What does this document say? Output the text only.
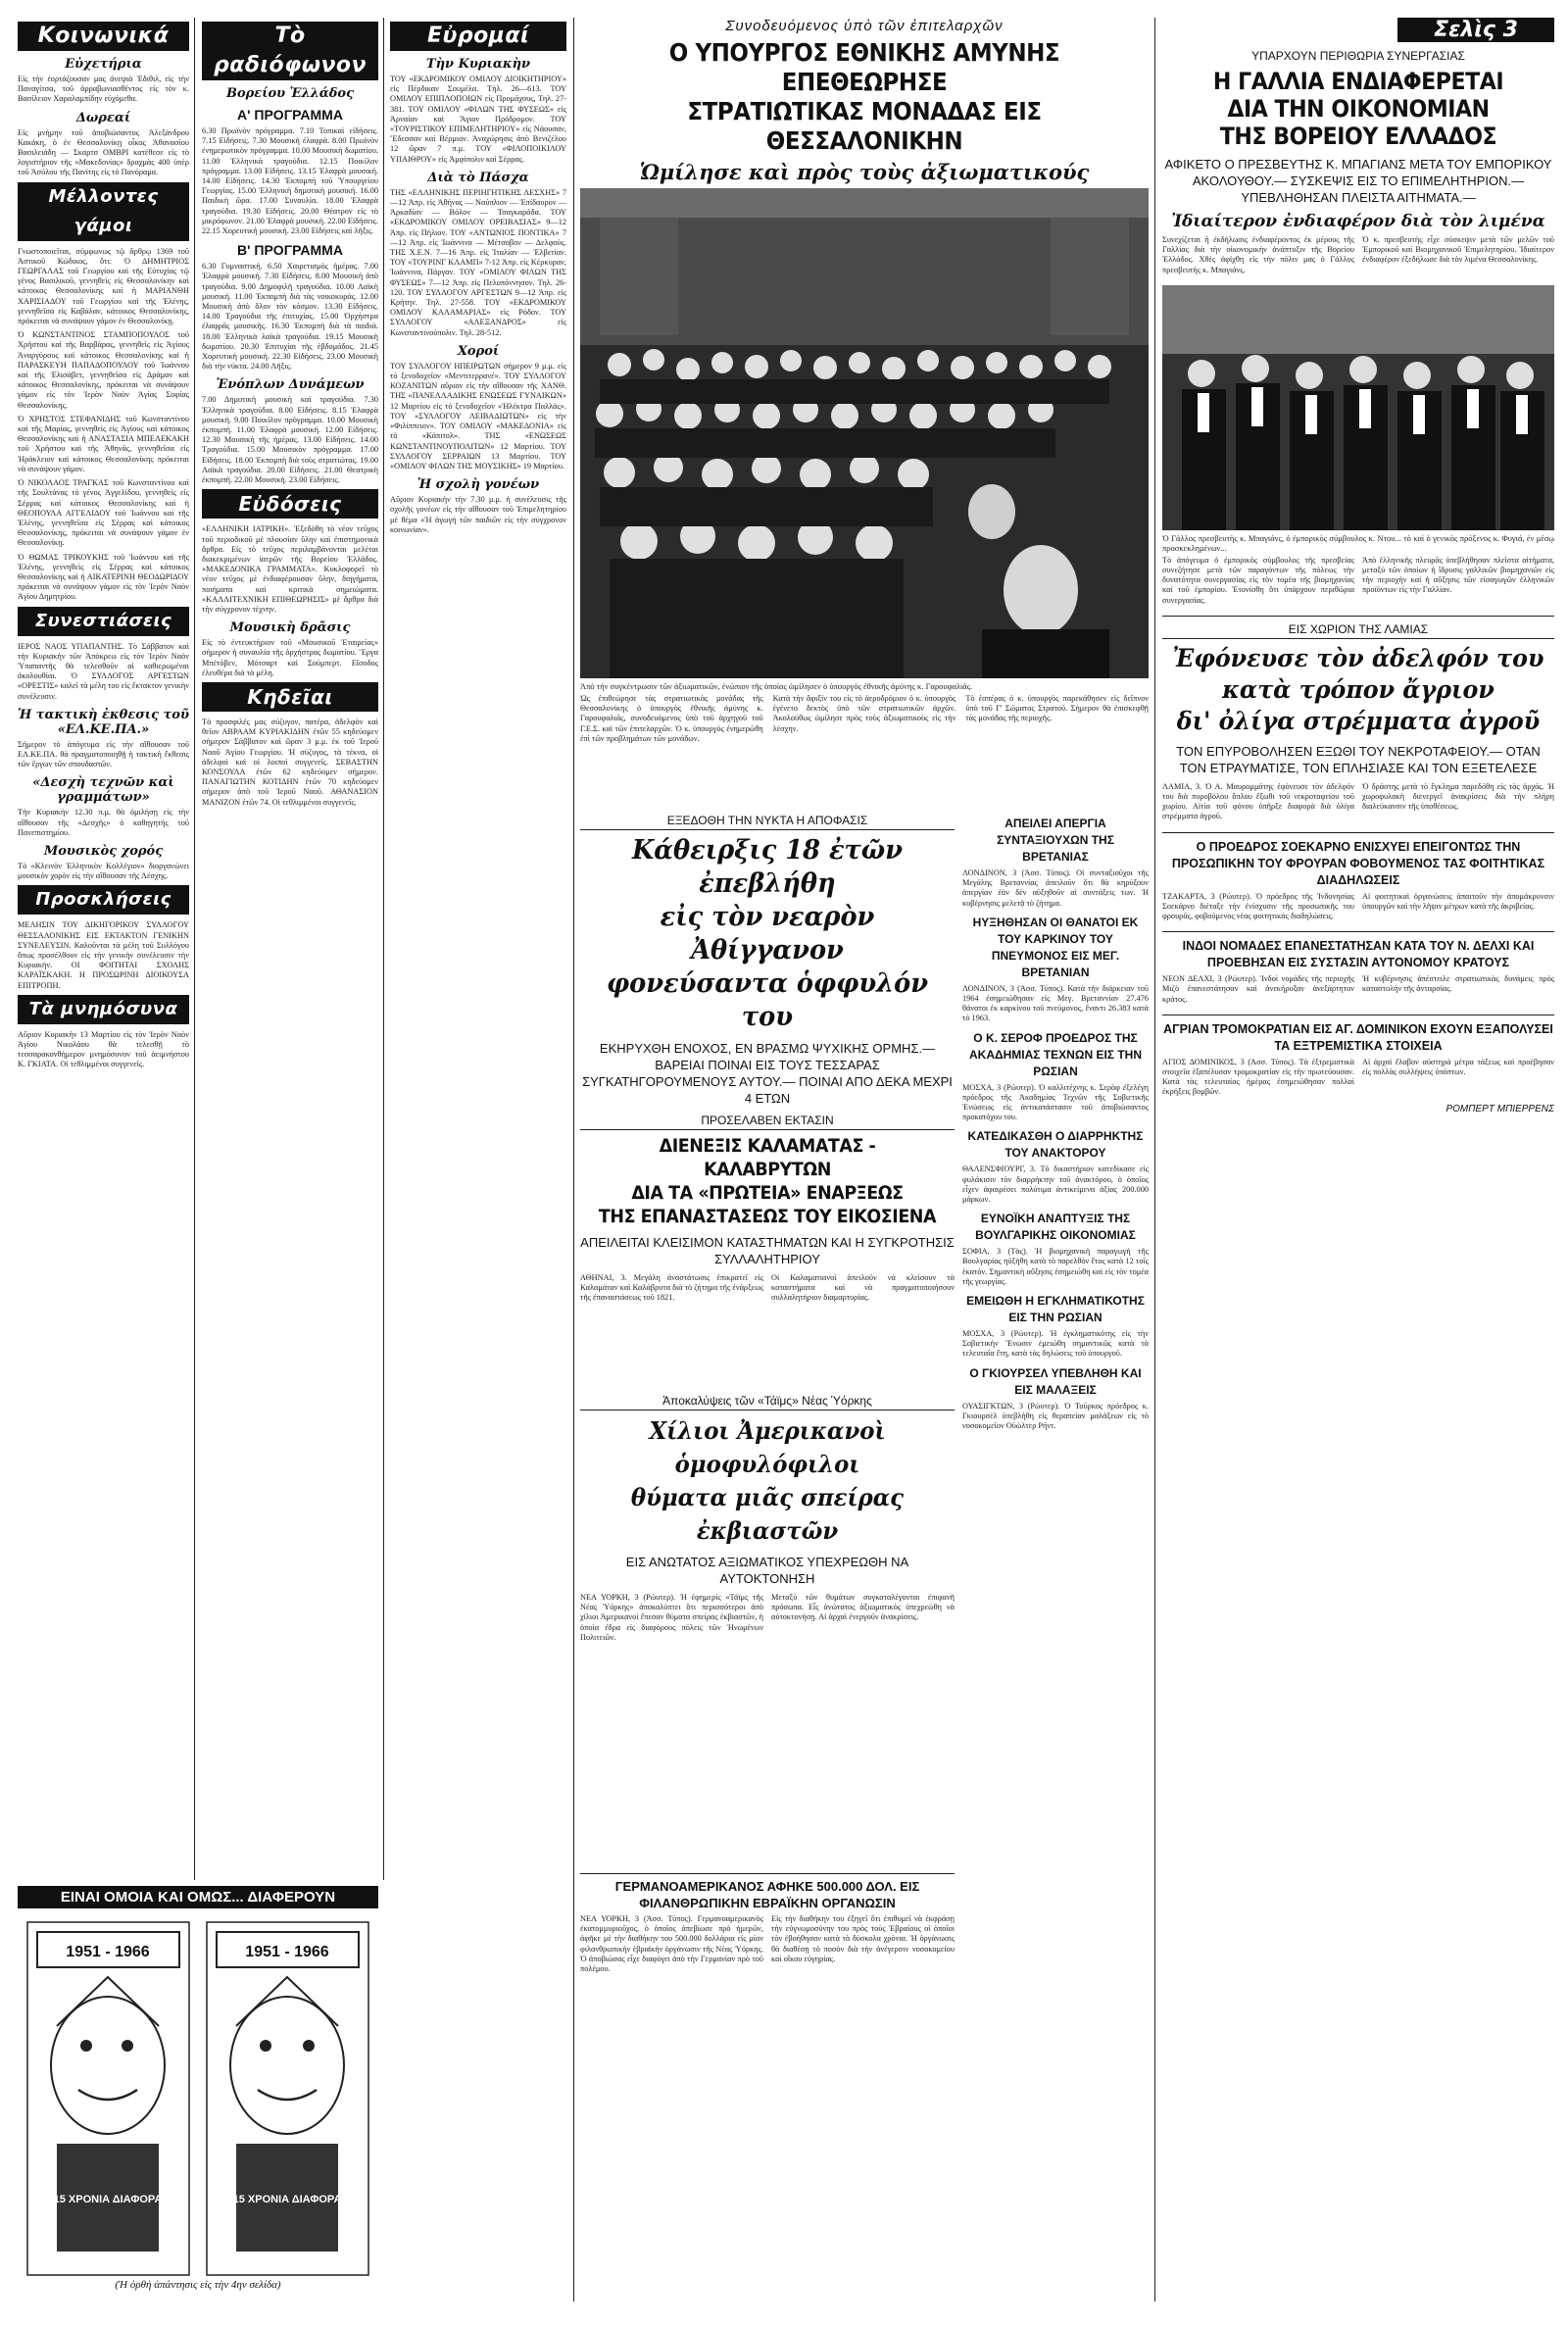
Κοινωνικά
Εὐχετήρια

Εἰς τὴν ἑορτάζουσαν μας ἀνεψιὰ Ἐδιθιλ, εἰς τὴν Παναγίτσα, τοῦ ἀρραβωνιασθέντος εἰς τὸν κ. Βασίλειον Χαραλαμπίδην εὐχόμεθα.

Δωρεαί

Εἰς μνήμην τοῦ ἀποβιώσαντος Ἀλεξάνδρου Κακάκη, ὁ ἐν Θεσσαλονίκῃ οἶκος Ἀθανασίου Βασιλειάδη — Σκαρτσ ΟΜΒΡΙ κατέθεσε εἰς τὸ λογιστήριον τῆς «Μακεδονίας» δραχμὰς 400 ὑπὲρ τοῦ Ἀσύλου τῆς Πανίτης εἰς τὸ Πανόραμα.

Μέλλοντες γάμοι

Γνωστοποιεῖται, σύμφωνως τῷ ἄρθρῳ 1369 τοῦ Ἀστικοῦ Κώδικος, ὅτι: Ὁ ΔΗΜΗΤΡΙΟΣ ΓΕΩΡΓΑΛΑΣ τοῦ Γεωργίου καὶ τῆς Εὐτυχίας τῷ γένος Βασιλικοῦ, γεννηθεὶς εἰς Θεσσαλονίκην καὶ κάτοικος Θεσσαλονίκης καὶ ἡ ΜΑΡΙΑΝΘΗ ΧΑΡΙΣΙΑΔΟΥ τοῦ Γεωργίου καὶ τῆς Ἑλένης, γεννηθεῖσα εἰς Καβάλαν, κάτοικος Θεσσαλονίκης, πρόκειται νὰ συνάψουν γάμον ἐν Θεσσαλονίκῃ.

Ὁ ΚΩΝΣΤΑΝΤΙΝΟΣ ΣΤΑΜΠΟΠΟΥΛΟΣ τοῦ Χρήστου καὶ τῆς Βαρβάρας, γεννηθεὶς εἰς Ἀγίους Ἀναργύρους καὶ κάτοικος Θεσσαλονίκης καὶ ἡ ΠΑΡΑΣΚΕΥΗ ΠΑΠΑΔΟΠΟΥΛΟΥ τοῦ Ἰωάννου καὶ τῆς Ἐλισάβετ, γεννηθεῖσα εἰς Δράμαν καὶ κάτοικος Θεσσαλονίκης, πρόκειται νὰ συνάψουν γάμον εἰς τὸν Ἱερὸν Ναὸν Ἁγίας Σοφίας Θεσσαλονίκης.

Ὁ ΧΡΗΣΤΟΣ ΣΤΕΦΑΝΙΔΗΣ τοῦ Κωνσταντίνου καὶ τῆς Μαρίας, γεννηθεὶς εἰς Ἀγίους καὶ κάτοικος Θεσσαλονίκης καὶ ἡ ΑΝΑΣΤΑΣΙΑ ΜΠΕΛΕΚΑΚΗ τοῦ Χρήστου καὶ τῆς Ἀθηνᾶς, γεννηθεῖσα εἰς Ἡράκλειον καὶ κάτοικος Θεσσαλονίκης πρόκειται νὰ συνάψουν γάμον.

Ὁ ΝΙΚΟΛΑΟΣ ΤΡΑΓΚΑΣ τοῦ Κωνσταντίνου καὶ τῆς Σουλτάνας τὸ γένος Ἀγγελίδου, γεννηθεὶς εἰς Σέρρας καὶ κάτοικος Θεσσαλονίκης καὶ ἡ ΘΕΟΠΟΥΛΑ ΑΓΓΕΛΙΔΟΥ τοῦ Ἰωάννου καὶ τῆς Ἑλένης, γεννηθεῖσα εἰς Σέρρας καὶ κάτοικος Θεσσαλονίκης, πρόκειται νὰ συνάψουν γάμον ἐν Θεσσαλονίκῃ.

Ὁ ΘΩΜΑΣ ΤΡΙΚΟΥΚΗΣ τοῦ Ἰωάννου καὶ τῆς Ἑλένης, γεννηθεὶς εἰς Σέρρας καὶ κάτοικος Θεσσαλονίκης καὶ ἡ ΑΙΚΑΤΕΡΙΝΗ ΘΕΟΔΩΡΙΔΟΥ πρόκειται νὰ συνάψουν γάμον εἰς τὸν Ἱερὸν Ναὸν Ἁγίου Δημητρίου.

Συνεστιάσεις

ΙΕΡΟΣ ΝΑΟΣ ΥΠΑΠΑΝΤΗΣ. Τὸ Σάββατον καὶ τὴν Κυριακὴν τῶν Ἀπόκρεω εἰς τὸν Ἱερὸν Ναὸν Ὑπαπαντῆς θὰ τελεσθοῦν αἱ καθιερωμέναι ἀκολουθίαι. Ὁ ΣΥΛΛΟΓΟΣ ΑΡΓΕΣΤΩΝ «ΟΡΕΣΤΙΣ» καλεῖ τὰ μέλη του εἰς ἔκτακτον γενικὴν συνέλευσιν.

Ἡ τακτικὴ ἐκθεσις τοῦ «ΕΛ.ΚΕ.ΠΑ.»

Σήμερον τὸ ἀπόγευμα εἰς τὴν αἴθουσαν τοῦ ΕΛ.ΚΕ.ΠΑ. θὰ πραγματοποιηθῇ ἡ τακτικὴ ἔκθεσις τῶν ἔργων τῶν σπουδαστῶν.

«Δεσχὴ τεχνῶν καὶ γραμμάτων»

Τὴν Κυριακὴν 12.30 π.μ. θὰ ὁμιλήσῃ εἰς τὴν αἴθουσαν τῆς «Δεσχῆς» ὁ καθηγητὴς τοῦ Πανεπιστημίου.

Μουσικὸς χορός

Τὸ «Κλεινὸν Ἑλληνικὸν Κολλέγιον» διοργανώνει μουσικὸν χορὸν εἰς τὴν αἴθουσαν τῆς Λέσχης.

Προσκλήσεις

ΜΕΛΗΣΙΝ ΤΟΥ ΔΙΚΗΓΟΡΙΚΟΥ ΣΥΛΛΟΓΟΥ ΘΕΣΣΑΛΟΝΙΚΗΣ ΕΙΣ ΕΚΤΑΚΤΟΝ ΓΕΝΙΚΗΝ ΣΥΝΕΛΕΥΣΙΝ. Καλοῦνται τὰ μέλη τοῦ Συλλόγου ὅπως προσέλθουν εἰς τὴν γενικὴν συνέλευσιν τὴν Κυριακήν. ΟΙ ΦΟΙΤΗΤΑΙ ΣΧΟΛΗΣ ΚΑΡΑΪΣΚΑΚΗ. Η ΠΡΟΣΩΡΙΝΗ ΔΙΟΙΚΟΥΣΑ ΕΠΙΤΡΟΠΗ.

Τὰ μνημόσυνα

Αὔριον Κυριακὴν 13 Μαρτίου εἰς τὸν Ἱερὸν Ναὸν Ἁγίου Νικολάου θὰ τελεσθῇ τὸ τεσσαρακονθήμερον μνημόσυνον τοῦ ἀειμνήστου Κ. ΓΚΙΑΤΑ. Οἱ τεθλιμμένοι συγγενεῖς.

ΕΙΝΑΙ ΟΜΟΙΑ ΚΑΙ ΟΜΩΣ... ΔΙΑΦΕΡΟΥΝ
1951 - 1966
15 ΧΡΟΝΙΑ ΔΙΑΦΟΡΑ
1951 - 1966
15 ΧΡΟΝΙΑ ΔΙΑΦΟΡΑ
(Ἡ ὀρθὴ ἀπάντησις εἰς τὴν 4ην σελίδα)
Τὸ ραδιόφωνον
Βορείου Ἑλλάδος
Α' ΠΡΟΓΡΑΜΜΑ

6.30 Πρωϊνὸν πρόγραμμα. 7.10 Τοπικαὶ εἰδήσεις. 7.15 Εἰδήσεις. 7.30 Μουσικὴ ἐλαφρά. 8.00 Πρωϊνὸν ἐνημερωτικὸν πρόγραμμα. 10.00 Μουσικὴ δωματίου. 11.00 Ἑλληνικὰ τραγούδια. 12.15 Ποικίλον πρόγραμμα. 13.00 Εἰδήσεις. 13.15 Ἐλαφρὰ μουσική. 14.00 Εἰδήσεις. 14.30 Ἐκπομπὴ τοῦ Ὑπουργείου Γεωργίας. 15.00 Ἑλληνικὴ δημοτικὴ μουσική. 16.00 Παιδικὴ ὥρα. 17.00 Συναυλία. 18.00 Ἐλαφρὰ τραγούδια. 19.30 Εἰδήσεις. 20.00 Θέατρον εἰς τὸ μικρόφωνον. 21.00 Ἐλαφρὰ μουσική. 22.00 Εἰδήσεις. 22.15 Χορευτικὴ μουσική. 23.00 Εἰδήσεις καὶ λῆξις.

Β' ΠΡΟΓΡΑΜΜΑ

6.30 Γυμναστική. 6.50 Χαιρετισμὸς ἡμέρας. 7.00 Ἐλαφρὰ μουσική. 7.30 Εἰδήσεις. 8.00 Μουσικὴ ἀπὸ τραγούδια. 9.00 Δημοφιλῆ τραγούδια. 10.00 Λαϊκὴ μουσική. 11.00 Ἐκπομπὴ διὰ τὰς νοικοκυράς. 12.00 Μουσικὴ ἀπὸ ὅλον τὸν κόσμον. 13.30 Εἰδήσεις. 14.00 Τραγούδια τῆς ἐπιτυχίας. 15.00 Ὀρχήστρα ἐλαφρᾶς μουσικῆς. 16.30 Ἐκπομπὴ διὰ τὰ παιδιά. 18.00 Ἑλληνικὰ λαϊκὰ τραγούδια. 19.15 Μουσικὴ δωματίου. 20.30 Ἐπιτυχίαι τῆς ἑβδομάδος. 21.45 Χορευτικὴ μουσική. 22.30 Εἰδήσεις. 23.00 Μουσικὴ διὰ τὴν νύκτα. 24.00 Λῆξις.

Ἐνόπλων Δυνάμεων

7.00 Δημοτικὴ μουσικὴ καὶ τραγούδια. 7.30 Ἑλληνικὰ τραγούδια. 8.00 Εἰδήσεις. 8.15 Ἐλαφρὰ μουσική. 9.00 Ποικίλον πρόγραμμα. 10.00 Μουσικὴ ἐκπομπή. 11.00 Ἐλαφρὰ μουσική. 12.00 Εἰδήσεις. 12.30 Μουσικὴ τῆς ἡμέρας. 13.00 Εἰδήσεις. 14.00 Τραγούδια. 15.00 Μουσικὸν πρόγραμμα. 17.00 Εἰδήσεις. 18.00 Ἐκπομπὴ διὰ τοὺς στρατιώτας. 19.00 Λαϊκὰ τραγούδια. 20.00 Εἰδήσεις. 21.00 Θεατρικὴ ἐκπομπή. 22.00 Μουσική. 23.00 Εἰδήσεις.

Εὐδόσεις

«ΕΛΛΗΝΙΚΗ ΙΑΤΡΙΚΗ». Ἐξεδόθη τὸ νέον τεῦχος τοῦ περιοδικοῦ μὲ πλουσίαν ὕλην καὶ ἐπιστημονικὰ ἄρθρα. Εἰς τὸ τεῦχος περιλαμβάνονται μελέται διακεκριμένων ἰατρῶν τῆς Βορείου Ἑλλάδος. «ΜΑΚΕΔΟΝΙΚΑ ΓΡΑΜΜΑΤΑ». Κυκλοφορεῖ τὸ νέον τεῦχος μὲ ἐνδιαφέρουσαν ὕλην, διηγήματα, ποιήματα καὶ κριτικὰ σημειώματα. «ΚΑΛΛΙΤΕΧΝΙΚΗ ΕΠΙΘΕΩΡΗΣΙΣ» μὲ ἄρθρα διὰ τὴν σύγχρονον τέχνην.

Μουσικὴ δρᾶσις

Εἰς τὸ ἐντευκτήριον τοῦ «Μουσικοῦ Ἑταιρείας» σήμερον ἡ συναυλία τῆς ὀρχήστρας δωματίου. Ἔργα Μπέτόβεν, Μότσαρτ καὶ Σούμπερτ. Εἴσοδος ἐλευθέρα διὰ τὰ μέλη.

Κηδεῖαι

Τὸ προσφιλές μας σύζυγον, πατέρα, ἀδελφὸν καὶ θεῖον ΑΒΡΑΑΜ ΚΥΡΙΑΚΙΔΗΝ ἐτῶν 55 κηδεύομεν σήμερον Σάββατον καὶ ὥραν 3 μ.μ. ἐκ τοῦ Ἱεροῦ Ναοῦ Ἁγίου Γεωργίου. Ἡ σύζυγος, τὰ τέκνα, οἱ ἀδελφοὶ καὶ οἱ λοιποὶ συγγενεῖς. ΣΕΒΑΣΤΗΝ ΚΟΝΣΟΥΛΑ ἐτῶν 62 κηδεύομεν σήμερον. ΠΑΝΑΓΙΩΤΗΝ ΚΟΤΙΔΗΝ ἐτῶν 70 κηδεύομεν σήμερον ἀπὸ τοῦ Ἱεροῦ Ναοῦ. ΑΘΑΝΑΣΙΟΝ ΜΑΝΙΖΟΝ ἐτῶν 74. Οἱ τεθλιμμένοι συγγενεῖς.

Εὐρομαί
Τὴν Κυριακὴν

ΤΟΥ «ΕΚΔΡΟΜΙΚΟΥ ΟΜΙΛΟΥ ΔΙΟΙΚΗΤΗΡΙΟΥ» εἰς Πέρδικαν Σουμέλα. Τὴλ. 26—613. ΤΟΥ ΟΜΙΛΟΥ ΕΠΙΠΛΟΠΟΙΩΝ εἰς Προμάχους, Τηλ. 27-381. ΤΟΥ ΟΜΙΛΟΥ «ΦΙΛΩΝ ΤΗΣ ΦΥΣΕΩΣ» εἰς Ἀρναίαν καὶ Ἅγιον Πρόδρομον. ΤΟΥ «ΤΟΥΡΙΣΤΙΚΟΥ ΕΠΙΜΕΛΗΤΗΡΙΟΥ» εἰς Νάουσαν, Ἔδεσσαν καὶ Βέρμιον. Ἀναχώρησις ἀπὸ Βενιζέλου 12 ὥραν 7 π.μ. ΤΟΥ «ΦΙΛΟΠΟΙΚΙΛΟΥ ΥΠΑΙΘΡΟΥ» εἰς Ἀμφίπολιν καὶ Σέρρας.

Διὰ τὸ Πάσχα

ΤΗΣ «ΕΛΛΗΝΙΚΗΣ ΠΕΡΙΗΓΗΤΙΚΗΣ ΛΕΣΧΗΣ» 7—12 Ἀπρ. εἰς Ἀθήνας — Ναύπλιον — Ἐπίδαυρον — Ἀρκαδίαν — Βόλον — Τσαγκαράδα. ΤΟΥ «ΕΚΔΡΟΜΙΚΟΥ ΟΜΙΛΟΥ ΟΡΕΙΒΑΣΙΑΣ» 9—12 Ἀπρ. εἰς Πήλιον. ΤΟΥ «ΑΝΤΩΝΙΟΣ ΠΟΝΤΙΚΑ» 7—12 Ἀπρ. εἰς Ἰωάννινα — Μέτσοβον — Δελφοὺς. ΤΗΣ Χ.Ε.Ν. 7—16 Ἀπρ. εἰς Ἰταλίαν — Ἐλβετίαν. ΤΟΥ «ΤΟΥΡΙΝΓ ΚΛΑΜΠ» 7-12 Ἀπρ. εἰς Κέρκυραν, Ἰωάννινα, Πάργαν. ΤΟΥ «ΟΜΙΛΟΥ ΦΙΛΩΝ ΤΗΣ ΦΥΣΕΩΣ» 7—12 Ἀπρ. εἰς Πελοπόννησον. Τηλ. 26-120. ΤΟΥ ΣΥΛΛΟΓΟΥ ΑΡΓΕΣΤΩΝ 9—12 Ἀπρ. εἰς Κρήτην. Τηλ. 27-558. ΤΟΥ «ΕΚΔΡΟΜΙΚΟΥ ΟΜΙΛΟΥ ΚΑΛΑΜΑΡΙΑΣ» εἰς Ρόδον. ΤΟΥ ΣΥΛΛΟΓΟΥ «ΑΛΕΞΑΝΔΡΟΣ» εἰς Κωνσταντινούπολιν. Τηλ. 28-512.

Χοροί

ΤΟΥ ΣΥΛΛΟΓΟΥ ΗΠΕΙΡΩΤΩΝ σήμερον 9 μ.μ. εἰς τὸ ξενοδοχεῖον «Μεντιτερρανέ». ΤΟΥ ΣΥΛΛΟΓΟΥ ΚΟΖΑΝΙΤΩΝ αὔριον εἰς τὴν αἴθουσαν τῆς ΧΑΝΘ. ΤΗΣ «ΠΑΝΕΛΛΑΔΙΚΗΣ ΕΝΩΣΕΩΣ ΓΥΝΑΙΚΩΝ» 12 Μαρτίου εἰς τὸ ξενοδοχεῖον «Ἠλέκτρα Παλλάς». ΤΟΥ «ΣΥΛΛΟΓΟΥ ΛΕΙΒΑΔΙΩΤΩΝ» εἰς τὴν «Φιλίππειον». ΤΟΥ ΟΜΙΛΟΥ «ΜΑΚΕΔΟΝΙΑ» εἰς τὸ «Κάπιτολ». ΤΗΣ «ΕΝΩΣΕΩΣ ΚΩΝΣΤΑΝΤΙΝΟΥΠΟΛΙΤΩΝ» 12 Μαρτίου. ΤΟΥ ΣΥΛΛΟΓΟΥ ΣΕΡΡΑΙΩΝ 13 Μαρτίου. ΤΟΥ «ΟΜΙΛΟΥ ΦΙΛΩΝ ΤΗΣ ΜΟΥΣΙΚΗΣ» 19 Μαρτίου.

Ἡ σχολὴ γονέων

Αὔριον Κυριακὴν τὴν 7.30 μ.μ. ἡ συνέλευσις τῆς σχολῆς γονέων εἰς τὴν αἴθουσαν τοῦ Ἐπιμελητηρίου μὲ θέμα «Ἡ ἀγωγὴ τῶν παιδιῶν εἰς τὴν σύγχρονον κοινωνίαν».

Συνοδευόμενος ὑπὸ τῶν ἐπιτελαρχῶν
Ο ΥΠΟΥΡΓΟΣ ΕΘΝΙΚΗΣ ΑΜΥΝΗΣ ΕΠΕΘΕΩΡΗΣΕ
ΣΤΡΑΤΙΩΤΙΚΑΣ ΜΟΝΑΔΑΣ ΕΙΣ ΘΕΣΣΑΛΟΝΙΚΗΝ
Ὡμίλησε καὶ πρὸς τοὺς ἀξιωματικούς
Ἀπὸ τὴν συγκέντρωσιν τῶν ἀξιωματικῶν, ἐνώπιον τῆς ὁποίας ὡμίλησεν ὁ ὑπουργὸς ἐθνικῆς ἀμύνης κ. Γαρουφαλιᾶς.

Ὡς ἐπιθεώρησε τὰς στρατιωτικὰς μονάδας τῆς Θεσσαλονίκης ὁ ὑπουργὸς ἐθνικῆς ἀμύνης κ. Γαρουφαλιᾶς, συνοδευόμενος ὑπὸ τοῦ ἀρχηγοῦ τοῦ Γ.Ε.Σ. καὶ τῶν ἐπιτελαρχῶν. Ὁ κ. ὑπουργὸς ἐνημερώθη ἐπὶ τῶν προβλημάτων τῶν μονάδων.

Κατὰ τὴν ἄφιξίν του εἰς τὸ ἀεροδρόμιον ὁ κ. ὑπουργὸς ἐγένετο δεκτὸς ὑπὸ τῶν στρατιωτικῶν ἀρχῶν. Ἀκολούθως ὡμίλησε πρὸς τοὺς ἀξιωματικοὺς εἰς τὴν λέσχην.

Τὸ ἑσπέρας ὁ κ. ὑπουργὸς παρεκάθησεν εἰς δεῖπνον ὑπὸ τοῦ Γ' Σώματος Στρατοῦ. Σήμερον θὰ ἐπισκεφθῇ τὰς μονάδας τῆς περιοχῆς.

ΕΞΕΔΟΘΗ ΤΗΝ ΝΥΚΤΑ Η ΑΠΟΦΑΣΙΣ
Κάθειρξις 18 ἐτῶν ἐπεβλήθη
εἰς τὸν νεαρὸν Ἀθίγγανον
φονεύσαντα ὁφφυλόν του
ΕΚΗΡΥΧΘΗ ΕΝΟΧΟΣ, ΕΝ ΒΡΑΣΜΩ ΨΥΧΙΚΗΣ ΟΡΜΗΣ.— ΒΑΡΕΙΑΙ ΠΟΙΝΑΙ ΕΙΣ ΤΟΥΣ ΤΕΣΣΑΡΑΣ ΣΥΓΚΑΤΗΓΟΡΟΥΜΕΝΟΥΣ ΑΥΤΟΥ.— ΠΟΙΝΑΙ ΑΠΟ ΔΕΚΑ ΜΕΧΡΙ 4 ΕΤΩΝ

ΑΠΕΙΛΕΙ ΑΠΕΡΓΙΑ ΣΥΝΤΑΞΙΟΥΧΩΝ ΤΗΣ ΒΡΕΤΑΝΙΑΣ

ΛΟΝΔΙΝΟΝ, 3 (Ἀσσ. Τύπος). Οἱ συνταξιοῦχοι τῆς Μεγάλης Βρεταννίας ἀπειλοῦν ὅτι θὰ κηρύξουν ἀπεργίαν ἐὰν δὲν αὐξηθοῦν αἱ συντάξεις των. Ἡ κυβέρνησις μελετᾷ τὸ ζήτημα.

ΗΥΞΗΘΗΣΑΝ ΟΙ ΘΑΝΑΤΟΙ ΕΚ ΤΟΥ ΚΑΡΚΙΝΟΥ ΤΟΥ ΠΝΕΥΜΟΝΟΣ ΕΙΣ ΜΕΓ. ΒΡΕΤΑΝΙΑΝ

ΛΟΝΔΙΝΟΝ, 3 (Ἀσσ. Τύπος). Κατὰ τὴν διάρκειαν τοῦ 1964 ἐσημειώθησαν εἰς Μεγ. Βρεταννίαν 27.476 θάνατοι ἐκ καρκίνου τοῦ πνεύμονος, ἔναντι 26.383 κατὰ τὸ 1963.

Ο Κ. ΣΕΡΟΦ ΠΡΟΕΔΡΟΣ ΤΗΣ ΑΚΑΔΗΜΙΑΣ ΤΕΧΝΩΝ ΕΙΣ ΤΗΝ ΡΩΣΙΑΝ

ΜΟΣΧΑ, 3 (Ρώυτερ). Ὁ καλλιτέχνης κ. Σερὸφ ἐξελέγη πρόεδρος τῆς Ἀκαδημίας Τεχνῶν τῆς Σοβιετικῆς Ἑνώσεως εἰς ἀντικατάστασιν τοῦ ἀποβιώσαντος προκατόχου του.

ΚΑΤΕΔΙΚΑΣΘΗ Ο ΔΙΑΡΡΗΚΤΗΣ ΤΟΥ ΑΝΑΚΤΟΡΟΥ

ΘΑΛΕΝΣΦΙΟΥΡΓ, 3. Τὸ δικαστήριον κατεδίκασε εἰς φυλάκισιν τὸν διαρρήκτην τοῦ ἀνακτόρου, ὁ ὁποῖος εἶχεν ἀφαιρέσει πολύτιμα ἀντικείμενα ἀξίας 200.000 μάρκων.

ΕΥΝΟΪΚΗ ΑΝΑΠΤΥΞΙΣ ΤΗΣ ΒΟΥΛΓΑΡΙΚΗΣ ΟΙΚΟΝΟΜΙΑΣ

ΣΟΦΙΑ, 3 (Τὰς). Ἡ βιομηχανικὴ παραγωγὴ τῆς Βουλγαρίας ηὐξήθη κατὰ τὸ παρελθὸν ἔτος κατὰ 12 τοῖς ἑκατόν. Σημαντικὴ αὔξησις ἐσημειώθη καὶ εἰς τὸν τομέα τῆς γεωργίας.

ΕΜΕΙΩΘΗ Η ΕΓΚΛΗΜΑΤΙΚΟΤΗΣ ΕΙΣ ΤΗΝ ΡΩΣΙΑΝ

ΜΟΣΧΑ, 3 (Ρώυτερ). Ἡ ἐγκληματικότης εἰς τὴν Σοβιετικὴν Ἕνωσιν ἐμειώθη σημαντικῶς κατὰ τὰ τελευταῖα ἔτη, κατὰ τὰς δηλώσεις τοῦ ὑπουργοῦ.

Ο ΓΚΙΟΥΡΣΕΛ ΥΠΕΒΛΗΘΗ ΚΑΙ ΕΙΣ ΜΑΛΑΞΕΙΣ

ΟΥΑΣΙΓΚΤΩΝ, 3 (Ρώυτερ). Ὁ Τοῦρκος πρόεδρος κ. Γκιουρσὲλ ὑπεβλήθη εἰς θεραπείαν μαλάξεων εἰς τὸ νοσοκομεῖον Οὐώλτερ Ρήντ.

ΠΡΟΣΕΛΑΒΕΝ ΕΚΤΑΣΙΝ
ΔΙΕΝΕΞΙΣ ΚΑΛΑΜΑΤΑΣ - ΚΑΛΑΒΡΥΤΩΝ
ΔΙΑ ΤΑ «ΠΡΩΤΕΙΑ» ΕΝΑΡΞΕΩΣ
ΤΗΣ ΕΠΑΝΑΣΤΑΣΕΩΣ ΤΟΥ ΕΙΚΟΣΙΕΝΑ
ΑΠΕΙΛΕΙΤΑΙ ΚΛΕΙΣΙΜΟΝ ΚΑΤΑΣΤΗΜΑΤΩΝ ΚΑΙ Η ΣΥΓΚΡΟΤΗΣΙΣ ΣΥΛΛΑΛΗΤΗΡΙΟΥ

ΑΘΗΝΑΙ, 3. Μεγάλη ἀναστάτωσις ἐπικρατεῖ εἰς Καλαμάταν καὶ Καλάβρυτα διὰ τὸ ζήτημα τῆς ἐνάρξεως τῆς ἐπαναστάσεως τοῦ 1821.

Οἱ Καλαματιανοὶ ἀπειλοῦν νὰ κλείσουν τὰ καταστήματα καὶ νὰ πραγματοποιήσουν συλλαλητήριον διαμαρτυρίας.

Ἀποκαλύψεις τῶν «Τάϊμς» Νέας Ὑόρκης
Χίλιοι Ἀμερικανοὶ ὁμοφυλόφιλοι
θύματα μιᾶς σπείρας ἐκβιαστῶν
ΕΙΣ ΑΝΩΤΑΤΟΣ ΑΞΙΩΜΑΤΙΚΟΣ ΥΠΕΧΡΕΩΘΗ ΝΑ ΑΥΤΟΚΤΟΝΗΣΗ

ΝΕΑ ΥΟΡΚΗ, 3 (Ρώυτερ). Ἡ ἐφημερίς «Τάϊμς τῆς Νέας Ὑόρκης» ἀποκαλύπτει ὅτι περισσότεροι ἀπὸ χίλιοι Ἀμερικανοὶ ἔπεσαν θύματα σπείρας ἐκβιαστῶν, ἡ ὁποία ἐδρα εἰς διαφόρους πόλεις τῶν Ἡνωμένων Πολιτειῶν.

Μεταξὺ τῶν θυμάτων συγκαταλέγονται ἐπιφανῆ πρόσωπα. Εἷς ἀνώτατος ἀξιωματικὸς ὑπεχρεώθη νὰ αὐτοκτονήσῃ. Αἱ ἀρχαὶ ἐνεργοῦν ἀνακρίσεις.

ΓΕΡΜΑΝΟΑΜΕΡΙΚΑΝΟΣ ΑΦΗΚΕ 500.000 ΔΟΛ. ΕΙΣ ΦΙΛΑΝΘΡΩΠΙΚΗΝ ΕΒΡΑΪΚΗΝ ΟΡΓΑΝΩΣΙΝ

ΝΕΑ ΥΟΡΚΗ, 3 (Ἀσσ. Τύπος). Γερμανοαμερικανὸς ἐκατομμυριοῦχος, ὁ ὁποῖος ἀπεβίωσε πρὸ ἡμερῶν, ἀφῆκε μὲ τὴν διαθήκην του 500.000 δολλάρια εἰς μίαν φιλανθρωπικὴν ἑβραϊκὴν ὀργάνωσιν τῆς Νέας Ὑόρκης. Ὁ ἀποβιώσας εἶχε διαφύγει ἀπὸ τὴν Γερμανίαν πρὸ τοῦ πολέμου.

Εἰς τὴν διαθήκην του ἐξηγεῖ ὅτι ἐπιθυμεῖ νὰ ἐκφράσῃ τὴν εὐγνωμοσύνην του πρὸς τοὺς Ἑβραίους οἱ ὁποῖοι τὸν ἐβοήθησαν κατὰ τὰ δύσκολα χρόνια. Ἡ ὀργάνωσις θὰ διαθέσῃ τὸ ποσὸν διὰ τὴν ἀνέγερσιν νοσοκομείου καὶ οἴκου εὐγηρίας.

Σελὶς 3
ΥΠΑΡΧΟΥΝ ΠΕΡΙΘΩΡΙΑ ΣΥΝΕΡΓΑΣΙΑΣ
Η ΓΑΛΛΙΑ ΕΝΔΙΑΦΕΡΕΤΑΙ
ΔΙΑ ΤΗΝ ΟΙΚΟΝΟΜΙΑΝ
ΤΗΣ ΒΟΡΕΙΟΥ ΕΛΛΑΔΟΣ
ΑΦΙΚΕΤΟ Ο ΠΡΕΣΒΕΥΤΗΣ Κ. ΜΠΑΓΙΑΝΣ ΜΕΤΑ ΤΟΥ ΕΜΠΟΡΙΚΟΥ ΑΚΟΛΟΥΘΟΥ.— ΣΥΣΚΕΨΙΣ ΕΙΣ ΤΟ ΕΠΙΜΕΛΗΤΗΡΙΟΝ.— ΥΠΕΒΛΗΘΗΣΑΝ ΠΛΕΙΣΤΑ ΑΙΤΗΜΑΤΑ.—
Ἰδιαίτερον ἐνδιαφέρον διὰ τὸν λιμένα

Συνεχίζεται ἡ ἐκδήλωσις ἐνδιαφέροντος ἐκ μέρους τῆς Γαλλίας διὰ τὴν οἰκονομικὴν ἀνάπτυξιν τῆς Βορείου Ἑλλάδος. Χθὲς ἀφίχθη εἰς τὴν πόλιν μας ὁ Γάλλος πρεσβευτὴς κ. Μπαγιάνς.

Ὁ κ. πρεσβευτὴς εἶχε σύσκεψιν μετὰ τῶν μελῶν τοῦ Ἐμπορικοῦ καὶ Βιομηχανικοῦ Ἐπιμελητηρίου. Ἰδιαίτερον ἐνδιαφέρον ἐξεδήλωσε διὰ τὸν λιμένα Θεσσαλονίκης.

Ὁ Γάλλος πρεσβευτὴς κ. Μπαγιάνς, ὁ ἐμπορικὸς σύμβουλος κ. Ντου... τὸ καὶ ὁ γενικὸς πρόξενος κ. Φυγιά, ἐν μέσῳ προσκεκλημένων...

Τὸ ἀπόγευμα ὁ ἐμπορικὸς σύμβουλος τῆς πρεσβείας συνεζήτησε μετὰ τῶν παραγόντων τῆς πόλεως τὴν δυνατότητα συνεργασίας εἰς τὸν τομέα τῆς βιομηχανίας καὶ τοῦ ἐμπορίου. Ἐτονίσθη ὅτι ὑπάρχουν περιθώρια συνεργασίας.

Ἀπὸ ἑλληνικῆς πλευρᾶς ὑπεβλήθησαν πλεῖστα αἰτήματα, μεταξὺ τῶν ὁποίων ἡ ἵδρυσις γαλλικῶν βιομηχανιῶν εἰς τὴν περιοχὴν καὶ ἡ αὔξησις τῶν εἰσαγωγῶν ἑλληνικῶν προϊόντων εἰς τὴν Γαλλίαν.

ΕΙΣ ΧΩΡΙΟΝ ΤΗΣ ΛΑΜΙΑΣ
Ἐφόνευσε τὸν ἀδελφόν του
κατὰ τρόπον ἄγριον
δι' ὀλίγα στρέμματα ἀγροῦ
ΤΟΝ ΕΠΥΡΟΒΟΛΗΣΕΝ ΕΞΩΘΙ ΤΟΥ ΝΕΚΡΟΤΑΦΕΙΟΥ.— ΟΤΑΝ ΤΟΝ ΕΤΡΑΥΜΑΤΙΣΕ, ΤΟΝ ΕΠΛΗΣΙΑΣΕ ΚΑΙ ΤΟΝ ΕΞΕΤΕΛΕΣΕ

ΛΑΜΙΑ, 3. Ὁ Α. Μαυρομμάτης ἐφόνευσε τὸν ἀδελφόν του διὰ πυροβόλου ὅπλου ἔξωθι τοῦ νεκροταφείου τοῦ χωρίου. Αἰτία τοῦ φόνου ὑπῆρξε διαφορὰ διὰ ὀλίγα στρέμματα ἀγροῦ.

Ὁ δράστης μετὰ τὸ ἔγκλημα παρεδόθη εἰς τὰς ἀρχάς. Ἡ χωροφυλακὴ διενεργεῖ ἀνακρίσεις διὰ τὴν πλήρη διαλεύκανσιν τῆς ὑποθέσεως.

Ο ΠΡΟΕΔΡΟΣ ΣΟΕΚΑΡΝΟ ΕΝΙΣΧΥΕΙ ΕΠΕΙΓΟΝΤΩΣ ΤΗΝ ΠΡΟΣΩΠΙΚΗΝ ΤΟΥ ΦΡΟΥΡΑΝ ΦΟΒΟΥΜΕΝΟΣ ΤΑΣ ΦΟΙΤΗΤΙΚΑΣ ΔΙΑΔΗΛΩΣΕΙΣ

ΤΖΑΚΑΡΤΑ, 3 (Ρώυτερ). Ὁ πρόεδρος τῆς Ἰνδονησίας Σοεκάρνο διέταξε τὴν ἐνίσχυσιν τῆς προσωπικῆς του φρουρᾶς, φοβούμενος νέας φοιτητικὰς διαδηλώσεις.

Αἱ φοιτητικαὶ ὀργανώσεις ἀπαιτοῦν τὴν ἀπομάκρυνσιν ὑπουργῶν καὶ τὴν λῆψιν μέτρων κατὰ τῆς ἀκριβείας.

ΙΝΔΟΙ ΝΟΜΑΔΕΣ ΕΠΑΝΕΣΤΑΤΗΣΑΝ ΚΑΤΑ ΤΟΥ Ν. ΔΕΛΧΙ ΚΑΙ ΠΡΟΕΒΗΣΑΝ ΕΙΣ ΣΥΣΤΑΣΙΝ ΑΥΤΟΝΟΜΟΥ ΚΡΑΤΟΥΣ

ΝΕΟΝ ΔΕΛΧΙ, 3 (Ρώυτερ). Ἰνδοὶ νομάδες τῆς περιοχῆς Μιζὸ ἐπανεστάτησαν καὶ ἀνεκήρυξαν ἀνεξάρτητον κράτος.

Ἡ κυβέρνησις ἀπέστειλε στρατιωτικὰς δυνάμεις πρὸς καταστολὴν τῆς ἀνταρσίας.

ΑΓΡΙΑΝ ΤΡΟΜΟΚΡΑΤΙΑΝ ΕΙΣ ΑΓ. ΔΟΜΙΝΙΚΟΝ ΕΧΟΥΝ ΕΞΑΠΟΛΥΣΕΙ ΤΑ ΕΞΤΡΕΜΙΣΤΙΚΑ ΣΤΟΙΧΕΙΑ

ΑΓΙΟΣ ΔΟΜΙΝΙΚΟΣ, 3 (Ἀσσ. Τύπος). Τὰ ἐξτρεμιστικὰ στοιχεῖα ἐξαπέλυσαν τρομοκρατίαν εἰς τὴν πρωτεύουσαν. Κατὰ τὰς τελευταίας ἡμέρας ἐσημειώθησαν πολλαὶ ἐκρήξεις βομβῶν.

Αἱ ἀρχαὶ ἔλαβον αὐστηρὰ μέτρα τάξεως καὶ προέβησαν εἰς πολλὰς συλλήψεις ὑπόπτων.

ΡΟΜΠΕΡΤ ΜΠΙΕΡΡΕΝΣ
